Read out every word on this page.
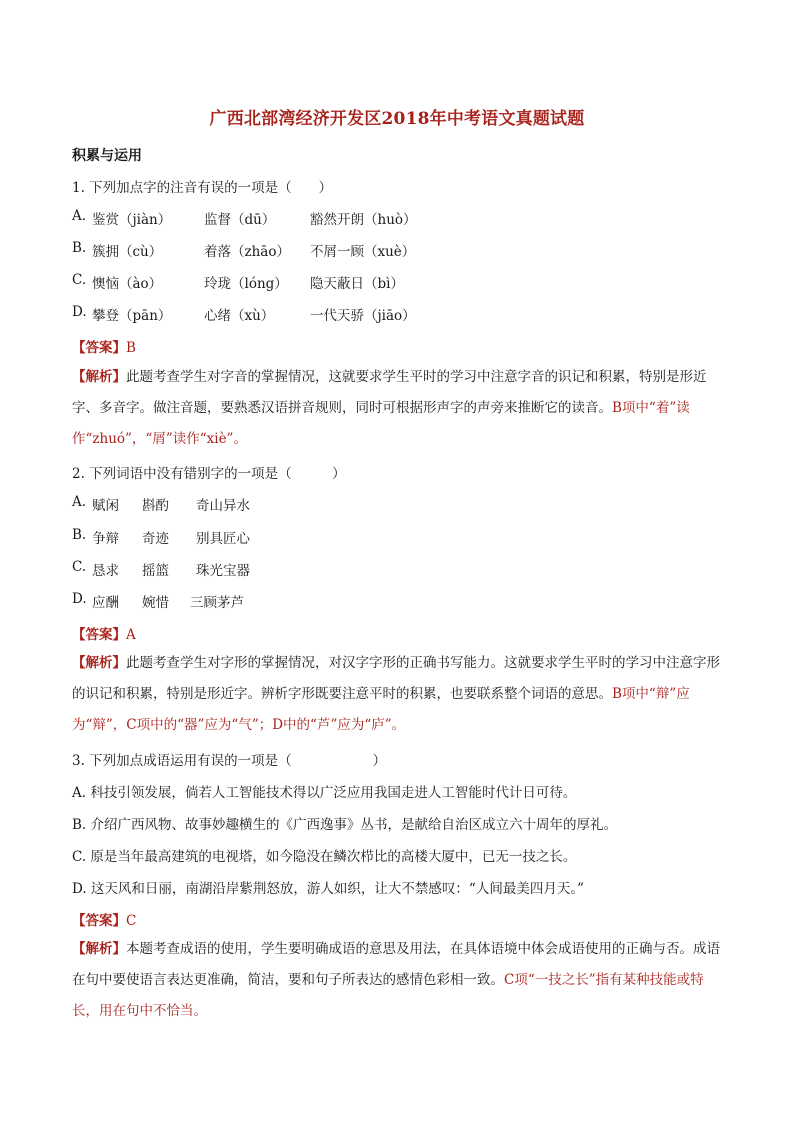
广西北部湾经济开发区2018年中考语文真题试题
积累与运用
1. 下列加点字的注音有误的一项是（　　）
A. 鉴赏（jiàn） 监督（dū）	豁然开朗（huò）
B. 簇拥（cù）	着落（zhāo） 不屑一顾（xuè）
C. 懊恼（ào）	玲珑（lóng） 隐天蔽日（bì）
D. 攀登（pān） 心绪（xù）	一代天骄（jiāo）
【答案】B
【解析】此题考查学生对字音的掌握情况，这就要求学生平时的学习中注意字音的识记和积累，特别是形近字、多音字。做注音题，要熟悉汉语拼音规则，同时可根据形声字的声旁来推断它的读音。B项中“着”读作“zhuó”，“屑”读作“xiè”。
2. 下列词语中没有错别字的一项是（　　　）
A. 赋闲 斟酌 奇山异水
B. 争辩 奇迹 别具匠心
C. 恳求 摇篮 珠光宝器
D. 应酬 婉惜 三顾茅芦
【答案】A
【解析】此题考查学生对字形的掌握情况，对汉字字形的正确书写能力。这就要求学生平时的学习中注意字形的识记和积累，特别是形近字。辨析字形既要注意平时的积累，也要联系整个词语的意思。B项中“辩”应为“辩”，C项中的“器”应为“气”；D中的“芦”应为“庐”。
3. 下列加点成语运用有误的一项是（　　　　　　）
A. 科技引领发展，倘若人工智能技术得以广泛应用我国走进人工智能时代计日可待。
B. 介绍广西风物、故事妙趣横生的《广西逸事》丛书，是献给自治区成立六十周年的厚礼。
C. 原是当年最高建筑的电视塔，如今隐没在鳞次栉比的高楼大厦中，已无一技之长。
D. 这天风和日丽，南湖沿岸紫荆怒放，游人如织，让大不禁感叹：“人间最美四月天。”
【答案】C
【解析】本题考查成语的使用，学生要明确成语的意思及用法，在具体语境中体会成语使用的正确与否。成语在句中要使语言表达更准确，简洁，要和句子所表达的感情色彩相一致。C项“一技之长”指有某种技能或特长，用在句中不恰当。
